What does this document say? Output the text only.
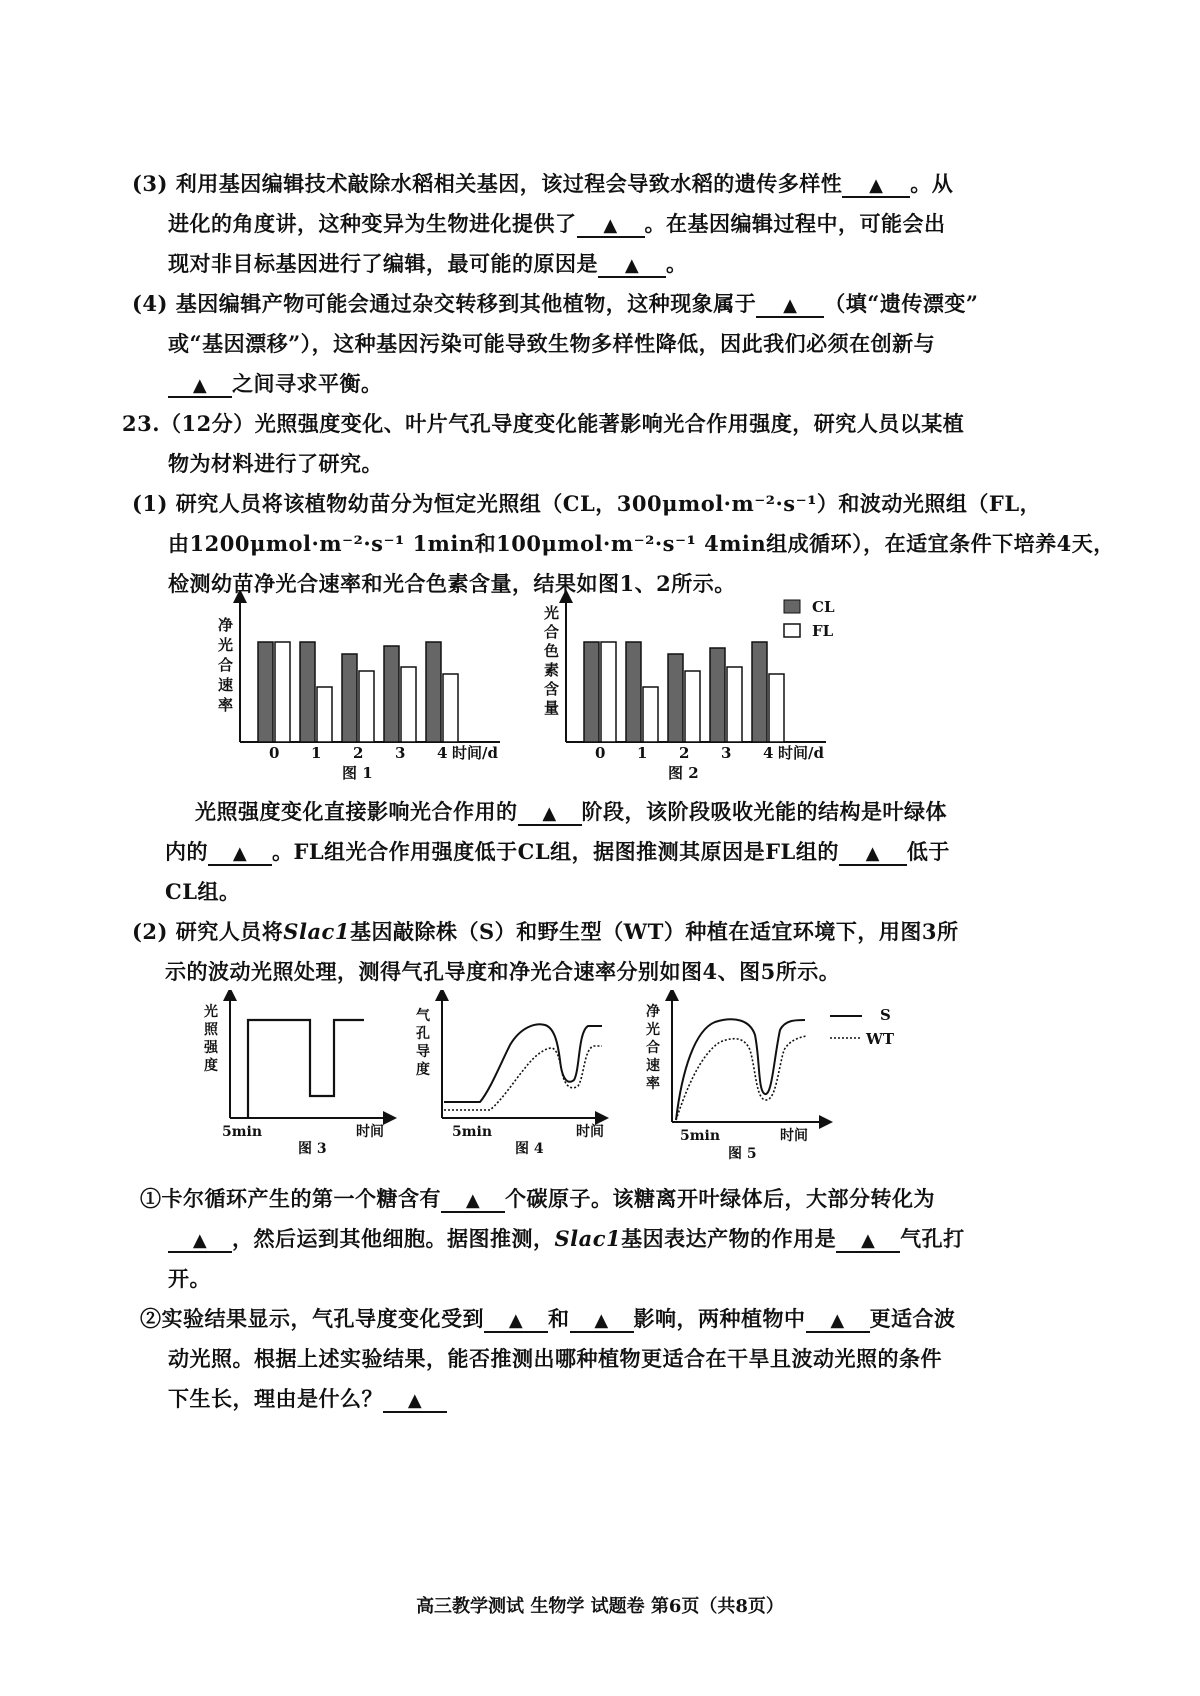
(3) 利用基因编辑技术敲除水稻相关基因，该过程会导致水稻的遗传多样性 ▲ 。从
进化的角度讲，这种变异为生物进化提供了 ▲ 。在基因编辑过程中，可能会出
现对非目标基因进行了编辑，最可能的原因是 ▲ 。
(4) 基因编辑产物可能会通过杂交转移到其他植物，这种现象属于 ▲ （填“遗传漂变”
或“基因漂移”），这种基因污染可能导致生物多样性降低，因此我们必须在创新与
▲ 之间寻求平衡。
23.（12分）光照强度变化、叶片气孔导度变化能著影响光合作用强度，研究人员以某植
物为材料进行了研究。
(1) 研究人员将该植物幼苗分为恒定光照组（CL，300μmol·m⁻²·s⁻¹）和波动光照组（FL，
由1200μmol·m⁻²·s⁻¹ 1min和100μmol·m⁻²·s⁻¹ 4min组成循环），在适宜条件下培养4天，
检测幼苗净光合速率和光合色素含量，结果如图1、2所示。
净
光
合
速
率
0 1 2 3 4 时间/d
图 1
光
合
色
素
含
量
0 1 2 3 4 时间/d
图 2
CL
FL
光照强度变化直接影响光合作用的 ▲ 阶段，该阶段吸收光能的结构是叶绿体
内的 ▲ 。FL组光合作用强度低于CL组，据图推测其原因是FL组的 ▲ 低于
CL组。
(2) 研究人员将Slac1基因敲除株（S）和野生型（WT）种植在适宜环境下，用图3所
示的波动光照处理，测得气孔导度和净光合速率分别如图4、图5所示。
光
照
强
度
5min	时间
图 3
气
孔
导
度
5min	时间
图 4
净
光
合
速
率
5min	时间
图 5
S
WT
①卡尔循环产生的第一个糖含有 ▲ 个碳原子。该糖离开叶绿体后，大部分转化为
▲ ，然后运到其他细胞。据图推测，Slac1基因表达产物的作用是 ▲ 气孔打
开。
②实验结果显示，气孔导度变化受到 ▲ 和 ▲ 影响，两种植物中 ▲ 更适合波
动光照。根据上述实验结果，能否推测出哪种植物更适合在干旱且波动光照的条件
下生长，理由是什么？ ▲
高三教学测试 生物学 试题卷 第6页（共8页）
